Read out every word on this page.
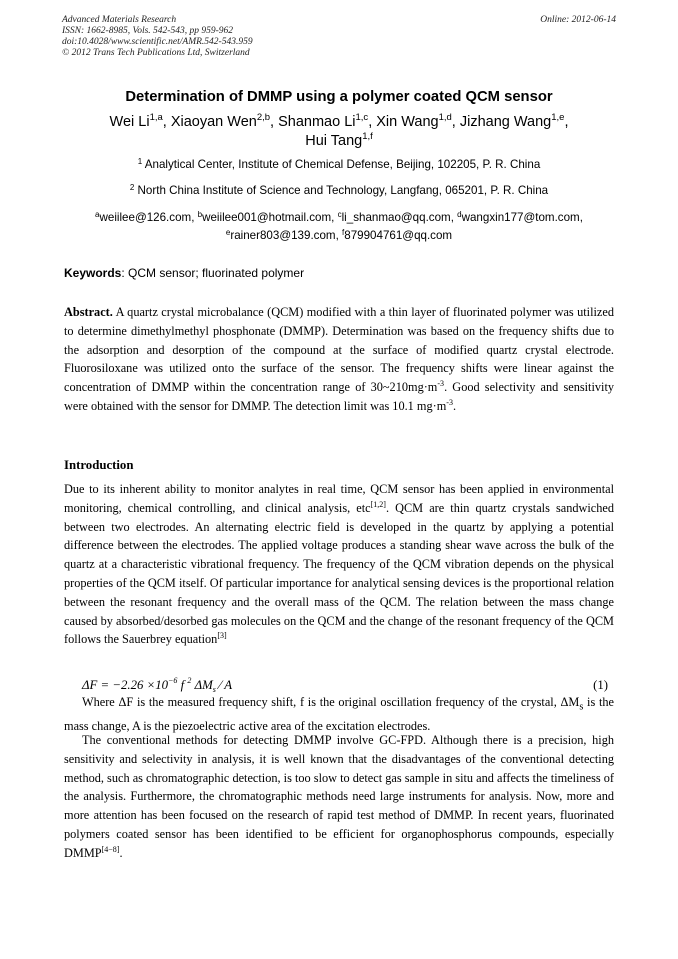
Advanced Materials Research
ISSN: 1662-8985, Vols. 542-543, pp 959-962
doi:10.4028/www.scientific.net/AMR.542-543.959
© 2012 Trans Tech Publications Ltd, Switzerland
Online: 2012-06-14
Determination of DMMP using a polymer coated QCM sensor
Wei Li$^{1,a}$, Xiaoyan Wen$^{2,b}$, Shanmao Li$^{1,c}$, Xin Wang$^{1,d}$, Jizhang Wang$^{1,e}$,
Hui Tang$^{1,f}$
$^1$ Analytical Center, Institute of Chemical Defense, Beijing, 102205, P. R. China
$^2$ North China Institute of Science and Technology, Langfang, 065201, P. R. China
$^a$weiilee@126.com, $^b$weiilee001@hotmail.com, $^c$li_shanmao@qq.com, $^d$wangxin177@tom.com,
$^e$rainer803@139.com, $^f$879904761@qq.com
Keywords: QCM sensor; fluorinated polymer
Abstract. A quartz crystal microbalance (QCM) modified with a thin layer of fluorinated polymer was utilized to determine dimethylmethyl phosphonate (DMMP). Determination was based on the frequency shifts due to the adsorption and desorption of the compound at the surface of modified quartz crystal electrode. Fluorosiloxane was utilized onto the surface of the sensor. The frequency shifts were linear against the concentration of DMMP within the concentration range of $30\sim 210mg\cdot m^{-3}$. Good selectivity and sensitivity were obtained with the sensor for DMMP. The detection limit was 10.1 $mg\cdot m^{-3}$.
Introduction
Due to its inherent ability to monitor analytes in real time, QCM sensor has been applied in environmental monitoring, chemical controlling, and clinical analysis, etc[1,2]. QCM are thin quartz crystals sandwiched between two electrodes. An alternating electric field is developed in the quartz by applying a potential difference between the electrodes. The applied voltage produces a standing shear wave across the bulk of the quartz at a characteristic vibrational frequency. The frequency of the QCM vibration depends on the physical properties of the QCM itself. Of particular importance for analytical sensing devices is the proportional relation between the resonant frequency and the overall mass of the QCM. The relation between the mass change caused by absorbed/desorbed gas molecules on the QCM and the change of the resonant frequency of the QCM follows the Sauerbrey equation[3]
$\Delta F = -2.26 \times 10^{-6}$ f $^2$ $\Delta M_s$ ⁄ A	(1)
Where ΔF is the measured frequency shift, f is the original oscillation frequency of the crystal, $\Delta M_s$ is the mass change, A is the piezoelectric active area of the excitation electrodes.
The conventional methods for detecting DMMP involve GC-FPD. Although there is a precision, high sensitivity and selectivity in analysis, it is well known that the disadvantages of the conventional detecting method, such as chromatographic detection, is too slow to detect gas sample in situ and affects the timeliness of the analysis. Furthermore, the chromatographic methods need large instruments for analysis. Now, more and more attention has been focused on the research of rapid test method of DMMP. In recent years, fluorinated polymers coated sensor has been identified to be efficient for organophosphorus compounds, especially DMMP[4−8].
